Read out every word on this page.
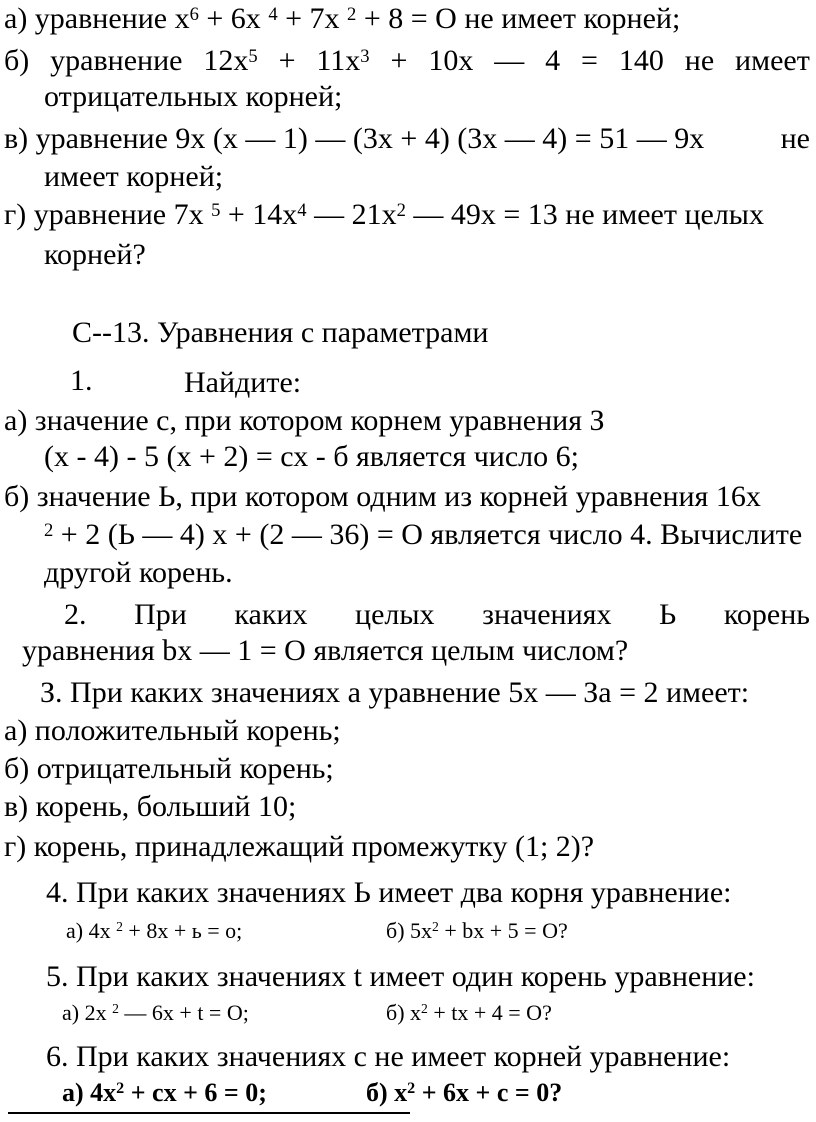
а) уравнение $x^6 + 6x$ $^4$ + 7x $^2$ + 8 = О не имеет корней;
б) уравнение $12x^5 + 11x^3 + 10x$ — 4 = 140 не имеет
отрицательных корней;
в) уравнение 9x (x — 1) — (3x + 4) (3x — 4) = 51 — 9x	не
имеет корней;
г) уравнение 7x $^5 + 14x^4$ — $21x^2$ — 49x = 13 не имеет целых
корней?
С--13. Уравнения с параметрами
1.	Найдите:
а) значение с, при котором корнем уравнения З
(x - 4) - 5 (x + 2) = сх - б является число 6;
б) значение Ь, при котором одним из корней уравнения 16x
$^2$ + 2 (Ь — 4) x + (2 — 36) = О является число 4. Вычислите
другой корень.
2. При каких целых значениях Ь корень
уравнения bx — 1 = О является целым числом?
З. При каких значениях а уравнение 5x — За = 2 имеет:
а) положительный корень;
б) отрицательный корень;
в) корень, больший 10;
г) корень, принадлежащий промежутку (1; 2)?
4. При каких значениях Ь имеет два корня уравнение:
а) 4x $^2$ + 8x + ь = о;	б) $5x^2$ + bx + 5 = О?
5. При каких значениях t имеет один корень уравнение:
а) 2x $^2$ — 6x + t = О;	б) $x^2$ + tx + 4 = О?
6. При каких значениях с не имеет корней уравнение:
а) $4x^2$ + cx + 6 = 0;	б) $x^2 + 6x + c = 0$?
